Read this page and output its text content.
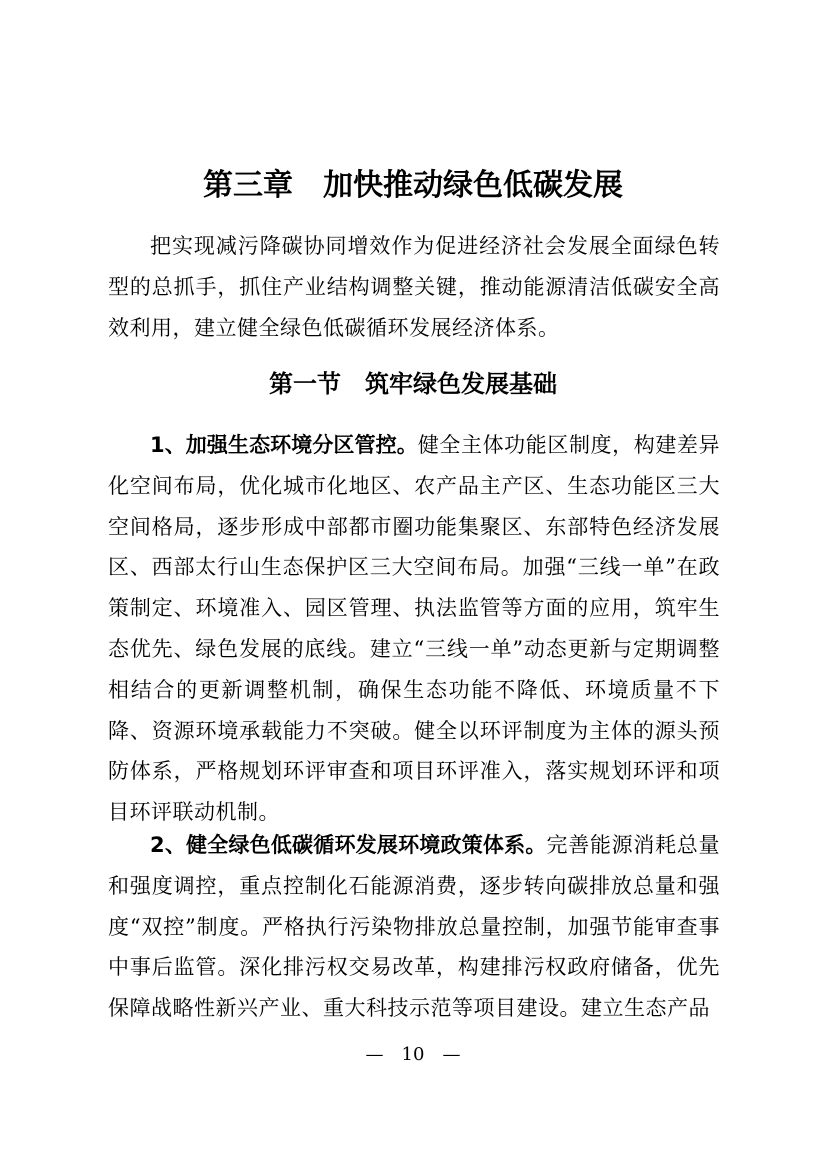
第三章　加快推动绿色低碳发展

把实现减污降碳协同增效作为促进经济社会发展全面绿色转型的总抓手，抓住产业结构调整关键，推动能源清洁低碳安全高效利用，建立健全绿色低碳循环发展经济体系。

第一节　筑牢绿色发展基础

1、加强生态环境分区管控。健全主体功能区制度，构建差异化空间布局，优化城市化地区、农产品主产区、生态功能区三大空间格局，逐步形成中部都市圈功能集聚区、东部特色经济发展区、西部太行山生态保护区三大空间布局。加强“三线一单”在政策制定、环境准入、园区管理、执法监管等方面的应用，筑牢生态优先、绿色发展的底线。建立“三线一单”动态更新与定期调整相结合的更新调整机制，确保生态功能不降低、环境质量不下降、资源环境承载能力不突破。健全以环评制度为主体的源头预防体系，严格规划环评审查和项目环评准入，落实规划环评和项目环评联动机制。

2、健全绿色低碳循环发展环境政策体系。完善能源消耗总量和强度调控，重点控制化石能源消费，逐步转向碳排放总量和强度“双控”制度。严格执行污染物排放总量控制，加强节能审查事中事后监管。深化排污权交易改革，构建排污权政府储备，优先保障战略性新兴产业、重大科技示范等项目建设。建立生态产品

—　10　—
